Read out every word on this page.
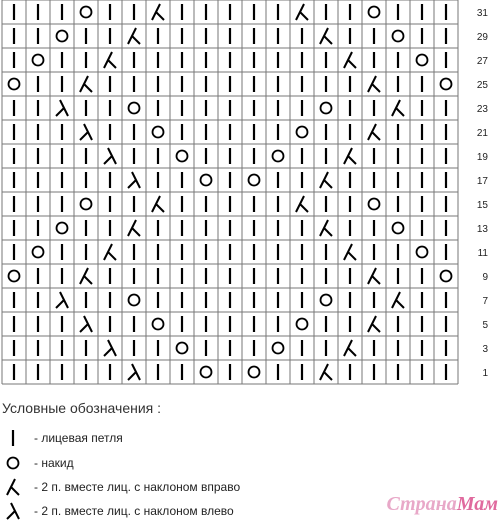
31
29
27
25
23
21
19
17
15
13
11
9
7
5
3
1
Условные обозначения :
- лицевая петля
- накид
- 2 п. вместе лиц. с наклоном вправо
- 2 п. вместе лиц. с наклоном влево	СтранаМам
